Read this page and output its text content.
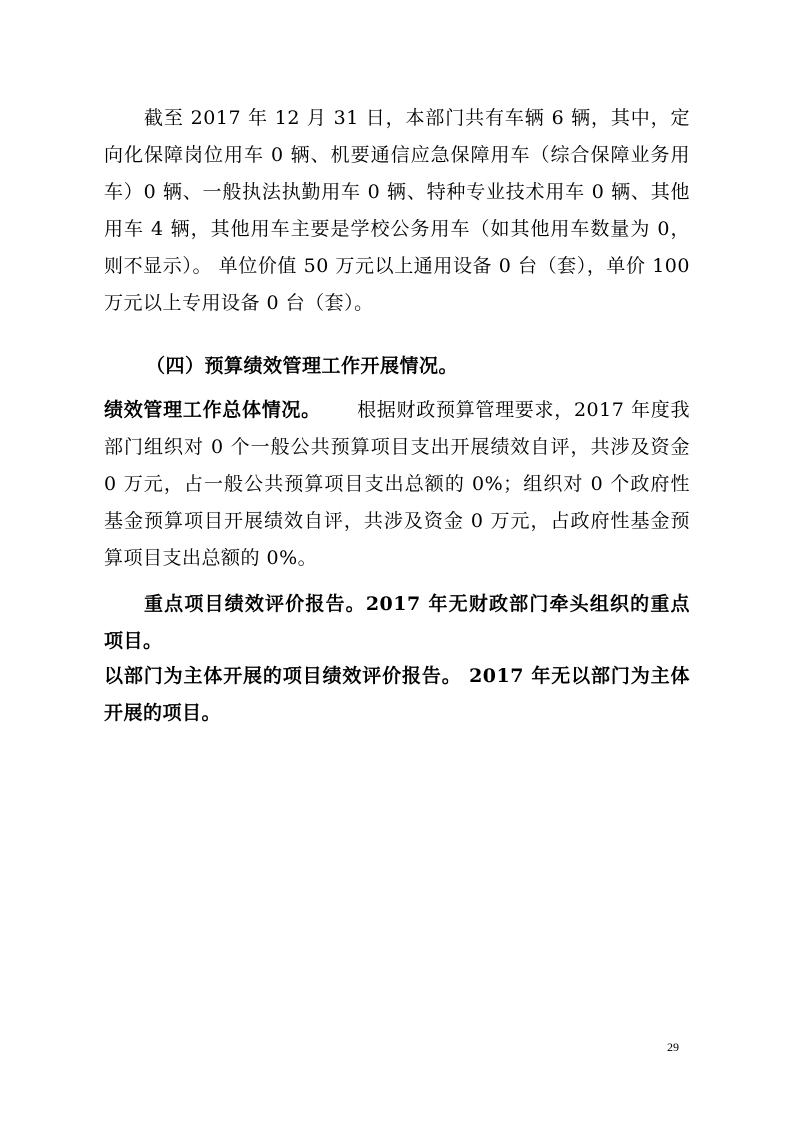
截至 2017 年 12 月 31 日，本部门共有车辆 6 辆，其中，定向化保障岗位用车 0 辆、机要通信应急保障用车（综合保障业务用车）0 辆、一般执法执勤用车 0 辆、特种专业技术用车 0 辆、其他用车 4 辆，其他用车主要是学校公务用车（如其他用车数量为 0，则不显示）。 单位价值 50 万元以上通用设备 0 台（套），单价 100 万元以上专用设备 0 台（套）。

（四）预算绩效管理工作开展情况。

绩效管理工作总体情况。 根据财政预算管理要求，2017 年度我部门组织对 0 个一般公共预算项目支出开展绩效自评，共涉及资金 0 万元，占一般公共预算项目支出总额的 0%；组织对 0 个政府性基金预算项目开展绩效自评，共涉及资金 0 万元，占政府性基金预算项目支出总额的 0%。

重点项目绩效评价报告。2017 年无财政部门牵头组织的重点项目。

以部门为主体开展的项目绩效评价报告。 2017 年无以部门为主体开展的项目。

29
